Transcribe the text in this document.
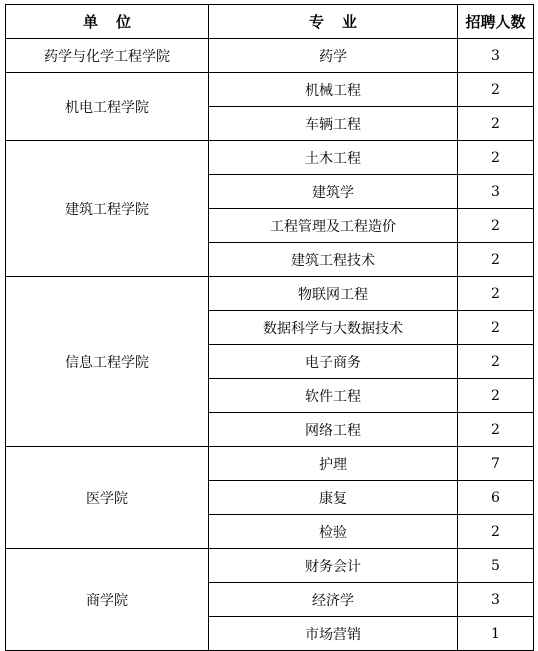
单位	专业	招聘人数
药学与化学工程学院	药学	3
机电工程学院	机械工程	2
	车辆工程	2
建筑工程学院	土木工程	2
	建筑学	3
	工程管理及工程造价	2
	建筑工程技术	2
信息工程学院	物联网工程	2
	数据科学与大数据技术	2
	电子商务	2
	软件工程	2
	网络工程	2
医学院	护理	7
	康复	6
	检验	2
商学院	财务会计	5
	经济学	3
	市场营销	1
